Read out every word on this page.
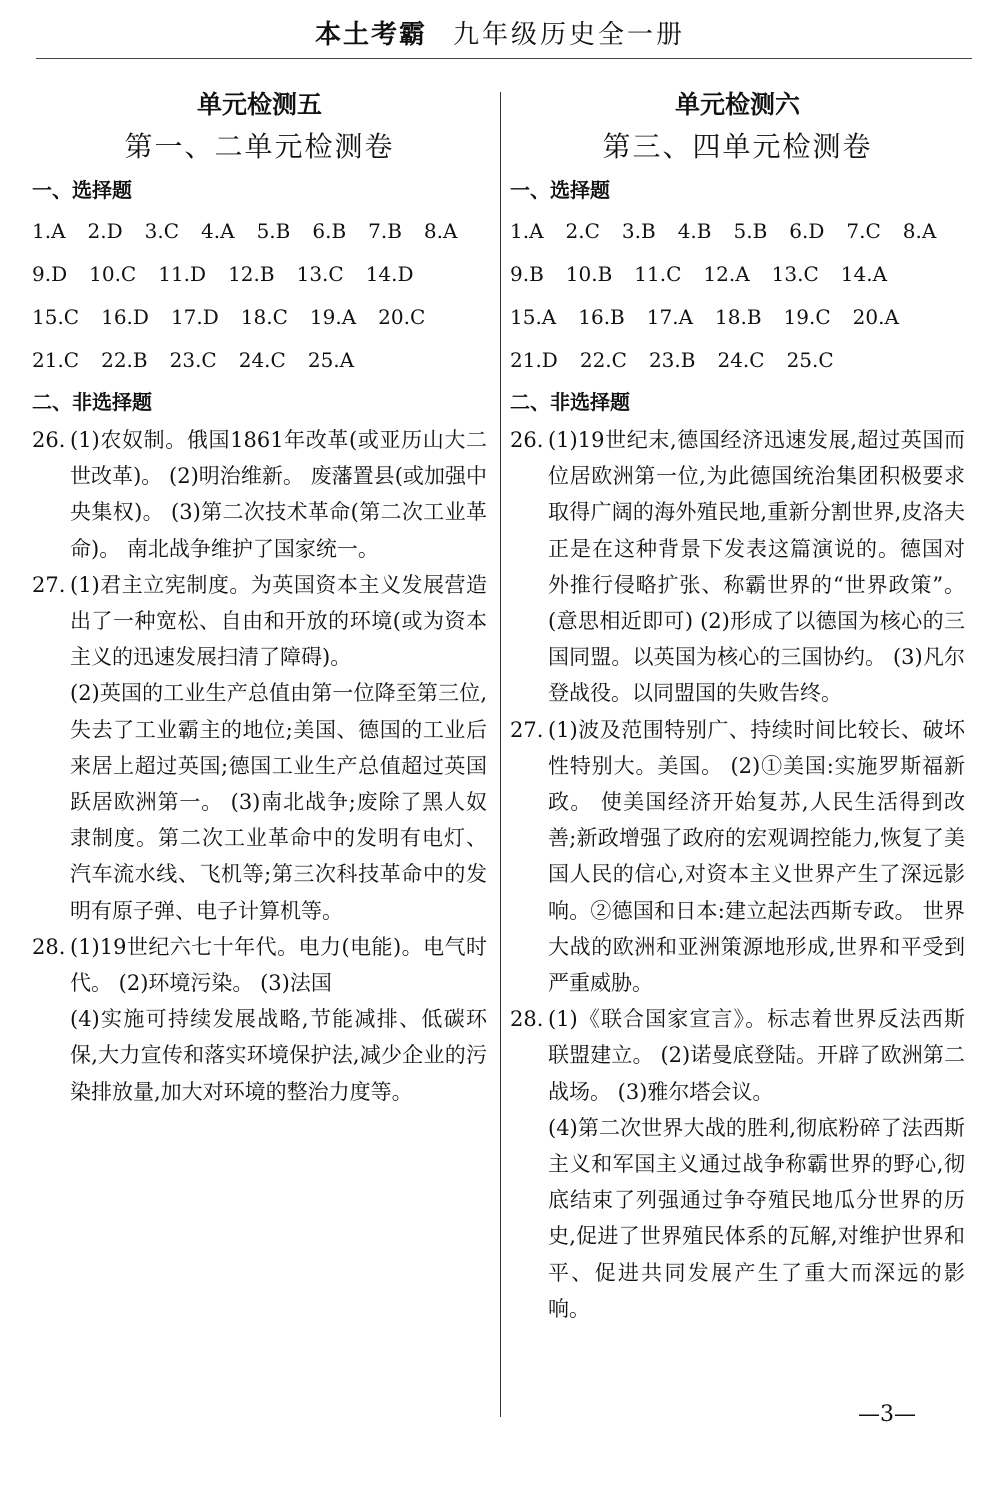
本土考霸 九年级历史全一册
单元检测五
第一、二单元检测卷
一、选择题
1.A 2.D 3.C 4.A 5.B 6.B 7.B 8.A
9.D 10.C 11.D 12.B 13.C 14.D
15.C 16.D 17.D 18.C 19.A 20.C
21.C 22.B 23.C 24.C 25.A
二、非选择题
26. (1)农奴制。俄国1861年改革(或亚历山大二世改革)。 (2)明治维新。 废藩置县(或加强中央集权)。 (3)第二次技术革命(第二次工业革命)。 南北战争维护了国家统一。

27. (1)君主立宪制度。为英国资本主义发展营造出了一种宽松、自由和开放的环境(或为资本主义的迅速发展扫清了障碍)。

(2)英国的工业生产总值由第一位降至第三位,失去了工业霸主的地位;美国、德国的工业后来居上超过英国;德国工业生产总值超过英国跃居欧洲第一。 (3)南北战争;废除了黑人奴隶制度。第二次工业革命中的发明有电灯、汽车流水线、飞机等;第三次科技革命中的发明有原子弹、电子计算机等。

28. (1)19世纪六七十年代。电力(电能)。电气时代。 (2)环境污染。 (3)法国

(4)实施可持续发展战略,节能减排、低碳环保,大力宣传和落实环境保护法,减少企业的污染排放量,加大对环境的整治力度等。

单元检测六
第三、四单元检测卷
一、选择题
1.A 2.C 3.B 4.B 5.B 6.D 7.C 8.A
9.B 10.B 11.C 12.A 13.C 14.A
15.A 16.B 17.A 18.B 19.C 20.A
21.D 22.C 23.B 24.C 25.C
二、非选择题
26. (1)19世纪末,德国经济迅速发展,超过英国而位居欧洲第一位,为此德国统治集团积极要求取得广阔的海外殖民地,重新分割世界,皮洛夫正是在这种背景下发表这篇演说的。德国对外推行侵略扩张、称霸世界的“世界政策”。(意思相近即可) (2)形成了以德国为核心的三国同盟。以英国为核心的三国协约。 (3)凡尔登战役。以同盟国的失败告终。

27. (1)波及范围特别广、持续时间比较长、破坏性特别大。美国。 (2)①美国:实施罗斯福新政。 使美国经济开始复苏,人民生活得到改善;新政增强了政府的宏观调控能力,恢复了美国人民的信心,对资本主义世界产生了深远影响。②德国和日本:建立起法西斯专政。 世界大战的欧洲和亚洲策源地形成,世界和平受到严重威胁。

28. (1)《联合国家宣言》。标志着世界反法西斯联盟建立。 (2)诺曼底登陆。开辟了欧洲第二战场。 (3)雅尔塔会议。

(4)第二次世界大战的胜利,彻底粉碎了法西斯主义和军国主义通过战争称霸世界的野心,彻底结束了列强通过争夺殖民地瓜分世界的历史,促进了世界殖民体系的瓦解,对维护世界和平、促进共同发展产生了重大而深远的影响。

—3—
